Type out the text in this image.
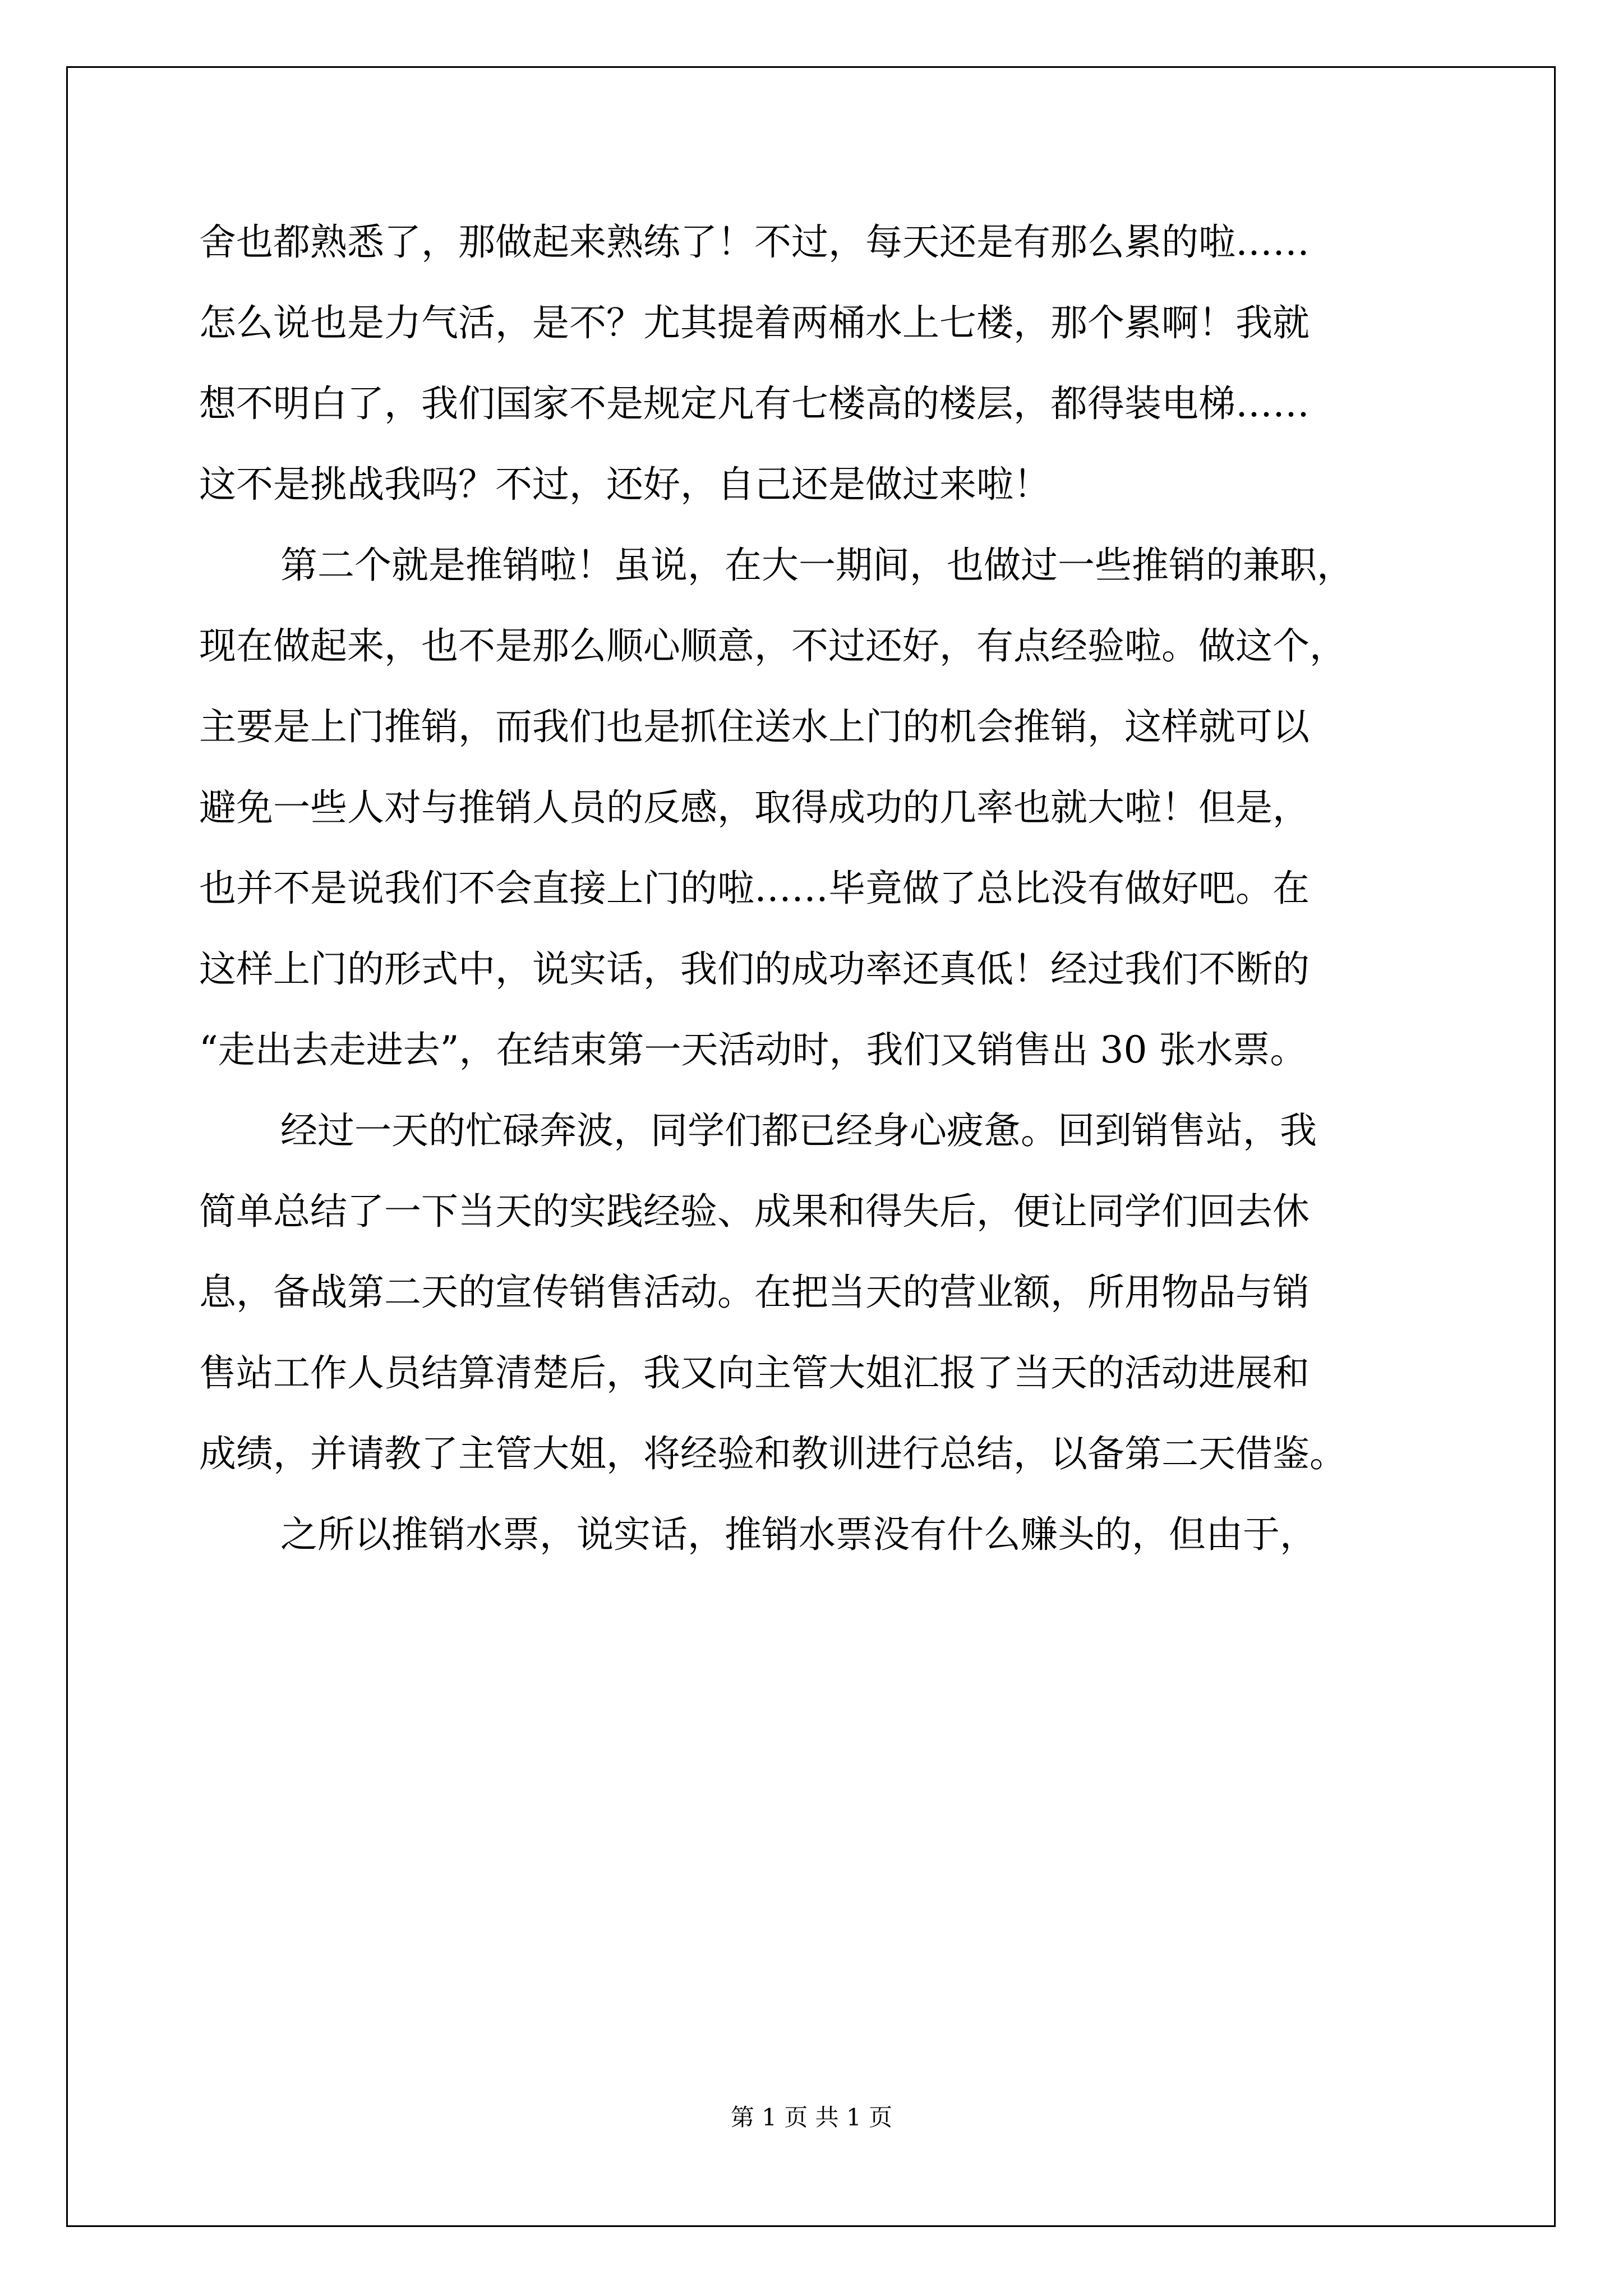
舍也都熟悉了，那做起来熟练了！不过，每天还是有那么累的啦……
怎么说也是力气活，是不？尤其提着两桶水上七楼，那个累啊！我就
想不明白了，我们国家不是规定凡有七楼高的楼层，都得装电梯……
这不是挑战我吗？不过，还好，自己还是做过来啦！
第二个就是推销啦！虽说，在大一期间，也做过一些推销的兼职，
现在做起来，也不是那么顺心顺意，不过还好，有点经验啦。做这个，
主要是上门推销，而我们也是抓住送水上门的机会推销，这样就可以
避免一些人对与推销人员的反感，取得成功的几率也就大啦！但是，
也并不是说我们不会直接上门的啦……毕竟做了总比没有做好吧。在
这样上门的形式中，说实话，我们的成功率还真低！经过我们不断的
“走出去走进去”，在结束第一天活动时，我们又销售出 30 张水票。
经过一天的忙碌奔波，同学们都已经身心疲惫。回到销售站，我
简单总结了一下当天的实践经验、成果和得失后，便让同学们回去休
息，备战第二天的宣传销售活动。在把当天的营业额，所用物品与销
售站工作人员结算清楚后，我又向主管大姐汇报了当天的活动进展和
成绩，并请教了主管大姐，将经验和教训进行总结，以备第二天借鉴。
之所以推销水票，说实话，推销水票没有什么赚头的，但由于，
第 1 页 共 1 页
